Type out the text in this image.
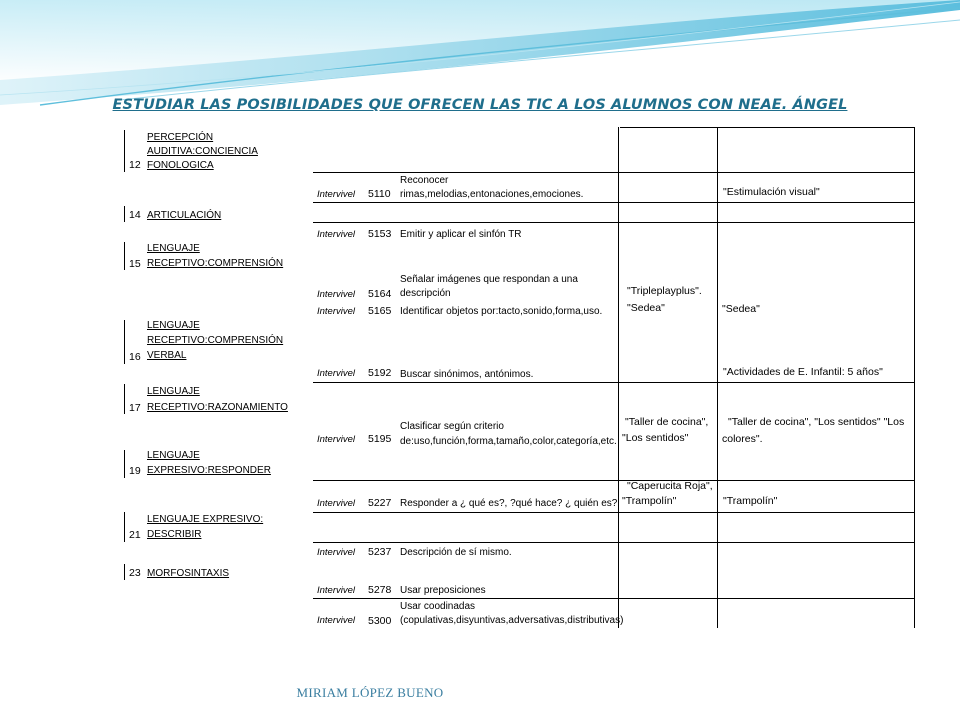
ESTUDIAR LAS POSIBILIDADES QUE OFRECEN LAS TIC A LOS ALUMNOS CON NEAE. ÁNGEL
12
PERCEPCIÓN
AUDITIVA:CONCIENCIA
FONOLOGICA
14 ARTICULACIÓN
15
LENGUAJE
RECEPTIVO:COMPRENSIÓN
16
LENGUAJE
RECEPTIVO:COMPRENSIÓN
VERBAL
17
LENGUAJE
RECEPTIVO:RAZONAMIENTO
19
LENGUAJE
EXPRESIVO:RESPONDER
21
LENGUAJE EXPRESIVO:
DESCRIBIR
23 MORFOSINTAXIS
Intervivel 5110
Reconocer
rimas,melodias,entonaciones,emociones.
Intervivel 5153 Emitir y aplicar el sinfón TR
Intervivel 5164
Señalar imágenes que respondan a una
descripción
Intervivel 5165 Identificar objetos por:tacto,sonido,forma,uso.
Intervivel 5192 Buscar sinónimos, antónimos.
Intervivel 5195
Clasificar según criterio
de:uso,función,forma,tamaño,color,categoría,etc.
Intervivel 5227 Responder a ¿ qué es?, ?qué hace? ¿ quién es?
Intervivel 5237 Descripción de sí mismo.
Intervivel 5278 Usar preposiciones
Intervivel 5300
Usar coodinadas
(copulativas,disyuntivas,adversativas,distributivas)
"Tripleplayplus".
"Sedea"
"Taller de cocina",
"Los sentidos"
"Caperucita Roja",
"Trampolín"
"Estimulación visual"
"Sedea"
"Actividades de E. Infantil: 5 años"
"Taller de cocina", "Los sentidos" "Los
colores".
"Trampolín"
MIRIAM LÓPEZ BUENO
